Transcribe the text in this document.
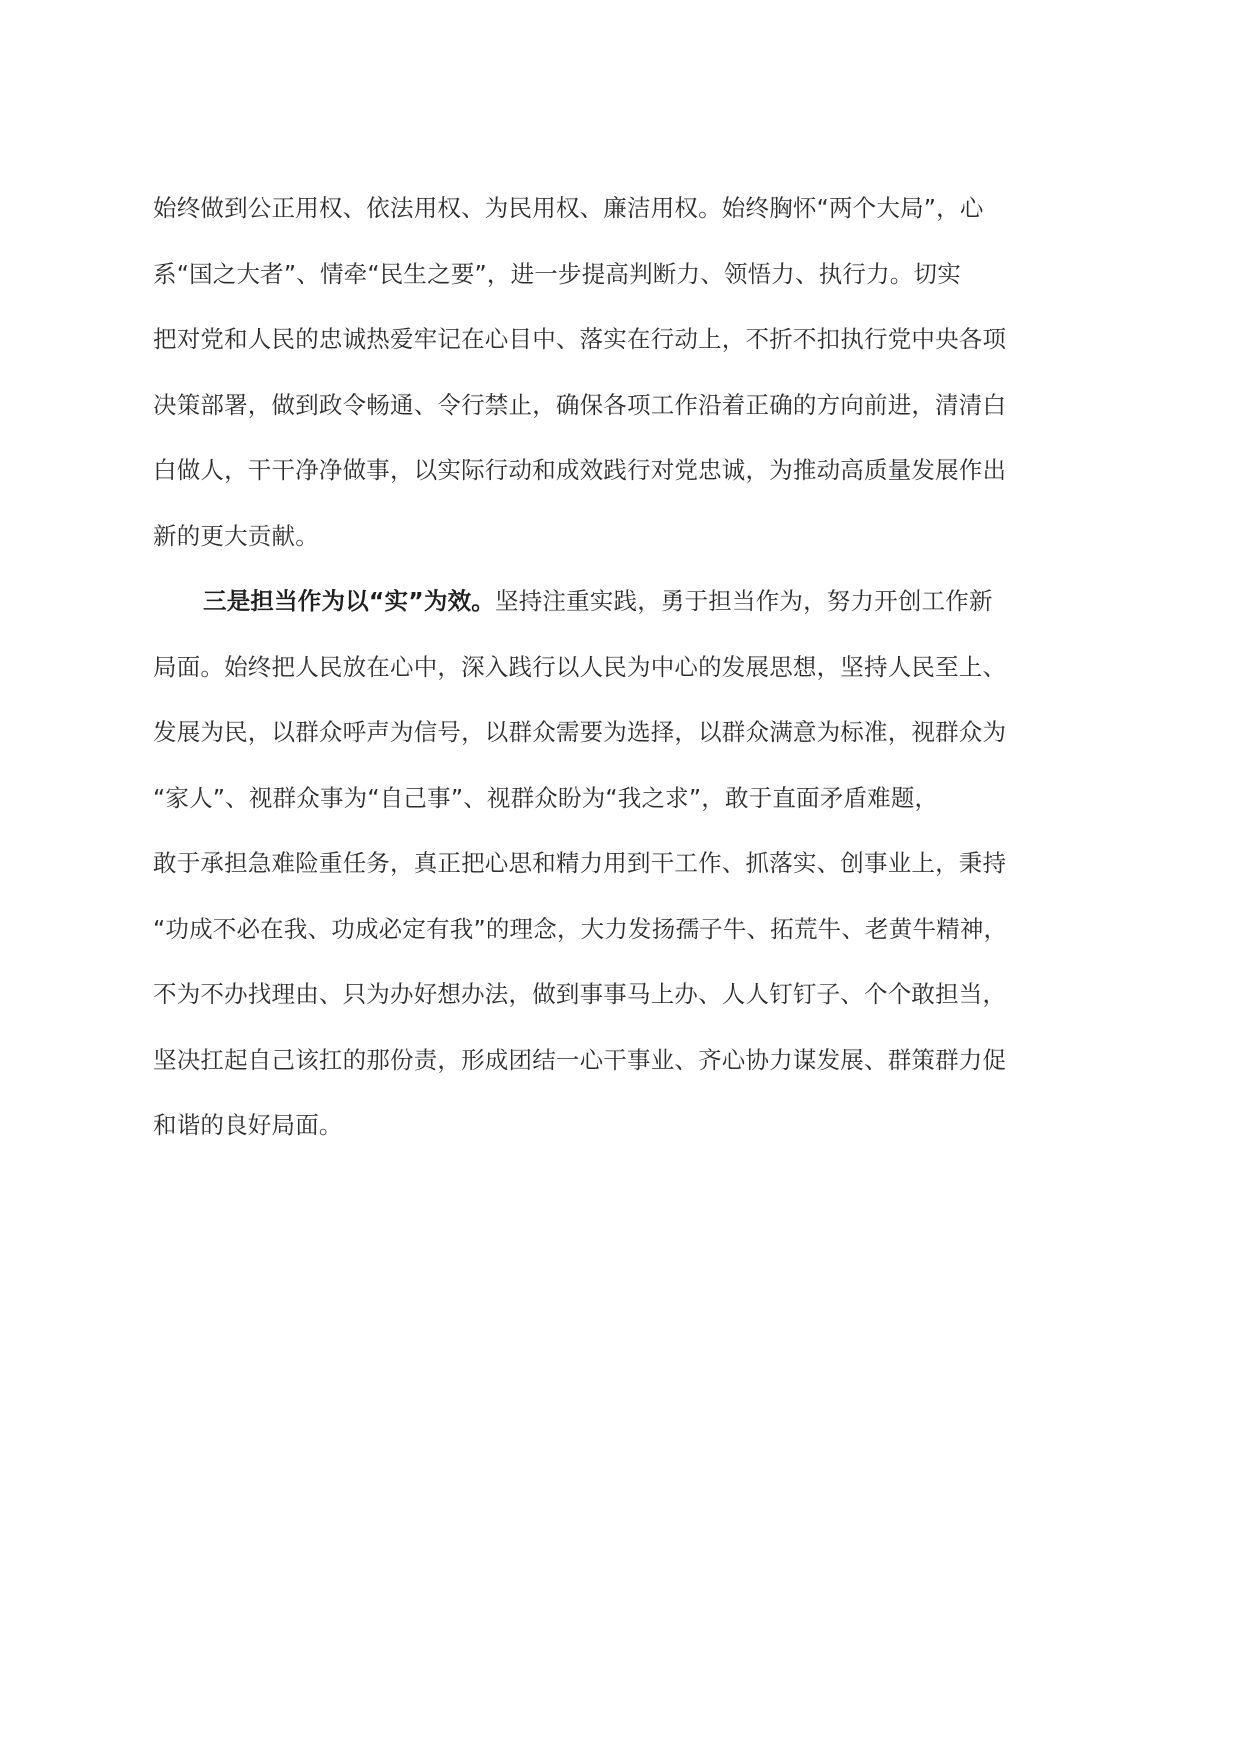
始终做到公正用权、依法用权、为民用权、廉洁用权。始终胸怀“两个大局”，心
系“国之大者”、情牵“民生之要”，进一步提高判断力、领悟力、执行力。切实
把对党和人民的忠诚热爱牢记在心目中、落实在行动上，不折不扣执行党中央各项
决策部署，做到政令畅通、令行禁止，确保各项工作沿着正确的方向前进，清清白
白做人，干干净净做事，以实际行动和成效践行对党忠诚，为推动高质量发展作出
新的更大贡献。
三是担当作为以“实”为效。坚持注重实践，勇于担当作为，努力开创工作新
局面。始终把人民放在心中，深入践行以人民为中心的发展思想，坚持人民至上、
发展为民，以群众呼声为信号，以群众需要为选择，以群众满意为标准，视群众为
“家人”、视群众事为“自己事”、视群众盼为“我之求”，敢于直面矛盾难题，
敢于承担急难险重任务，真正把心思和精力用到干工作、抓落实、创事业上，秉持
“功成不必在我、功成必定有我”的理念，大力发扬孺子牛、拓荒牛、老黄牛精神，
不为不办找理由、只为办好想办法，做到事事马上办、人人钉钉子、个个敢担当，
坚决扛起自己该扛的那份责，形成团结一心干事业、齐心协力谋发展、群策群力促
和谐的良好局面。
